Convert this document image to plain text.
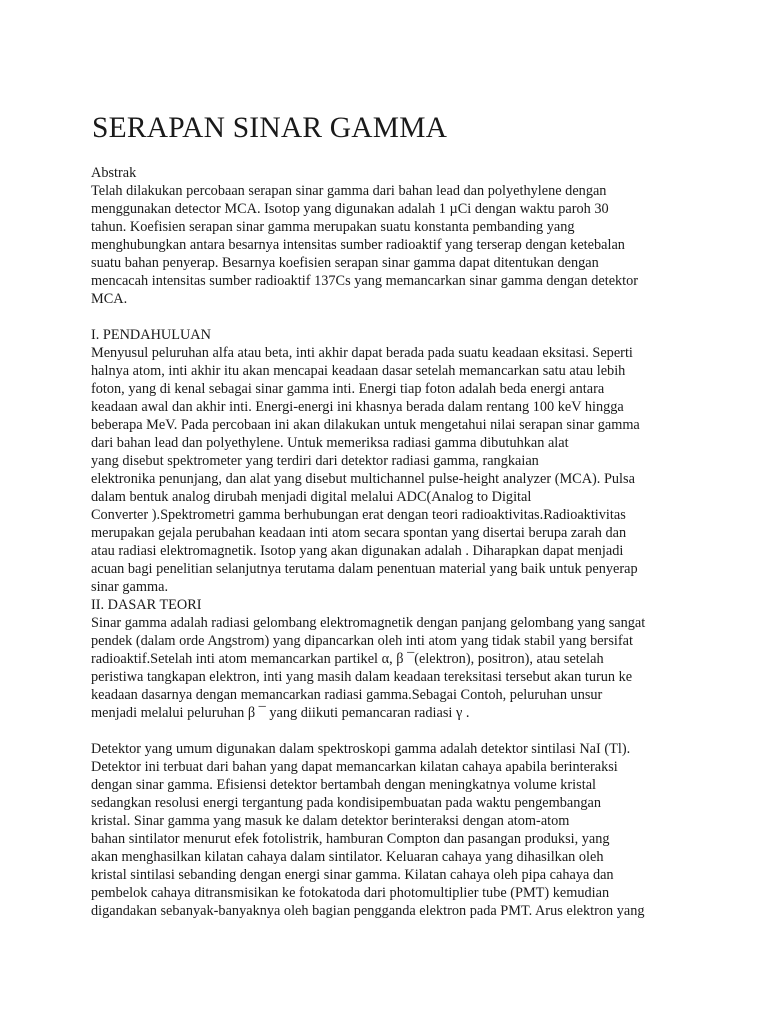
SERAPAN SINAR GAMMA
Abstrak
Telah dilakukan percobaan serapan sinar gamma dari bahan lead dan polyethylene dengan
menggunakan detector MCA. Isotop yang digunakan adalah 1 µCi dengan waktu paroh 30
tahun. Koefisien serapan sinar gamma merupakan suatu konstanta pembanding yang
menghubungkan antara besarnya intensitas sumber radioaktif yang terserap dengan ketebalan
suatu bahan penyerap. Besarnya koefisien serapan sinar gamma dapat ditentukan dengan
mencacah intensitas sumber radioaktif 137Cs yang memancarkan sinar gamma dengan detektor
MCA.
I. PENDAHULUAN
Menyusul peluruhan alfa atau beta, inti akhir dapat berada pada suatu keadaan eksitasi. Seperti
halnya atom, inti akhir itu akan mencapai keadaan dasar setelah memancarkan satu atau lebih
foton, yang di kenal sebagai sinar gamma inti. Energi tiap foton adalah beda energi antara
keadaan awal dan akhir inti. Energi-energi ini khasnya berada dalam rentang 100 keV hingga
beberapa MeV. Pada percobaan ini akan dilakukan untuk mengetahui nilai serapan sinar gamma
dari bahan lead dan polyethylene. Untuk memeriksa radiasi gamma dibutuhkan alat
yang disebut spektrometer yang terdiri dari detektor radiasi gamma, rangkaian
elektronika penunjang, dan alat yang disebut multichannel pulse-height analyzer (MCA). Pulsa
dalam bentuk analog dirubah menjadi digital melalui ADC(Analog to Digital
Converter ).Spektrometri gamma berhubungan erat dengan teori radioaktivitas.Radioaktivitas
merupakan gejala perubahan keadaan inti atom secara spontan yang disertai berupa zarah dan
atau radiasi elektromagnetik. Isotop yang akan digunakan adalah . Diharapkan dapat menjadi
acuan bagi penelitian selanjutnya terutama dalam penentuan material yang baik untuk penyerap
sinar gamma.
II. DASAR TEORI
Sinar gamma adalah radiasi gelombang elektromagnetik dengan panjang gelombang yang sangat
pendek (dalam orde Angstrom) yang dipancarkan oleh inti atom yang tidak stabil yang bersifat
radioaktif.Setelah inti atom memancarkan partikel α, β ¯(elektron), positron), atau setelah
peristiwa tangkapan elektron, inti yang masih dalam keadaan tereksitasi tersebut akan turun ke
keadaan dasarnya dengan memancarkan radiasi gamma.Sebagai Contoh, peluruhan unsur
menjadi melalui peluruhan β ¯ yang diikuti pemancaran radiasi γ .
Detektor yang umum digunakan dalam spektroskopi gamma adalah detektor sintilasi NaI (Tl).
Detektor ini terbuat dari bahan yang dapat memancarkan kilatan cahaya apabila berinteraksi
dengan sinar gamma. Efisiensi detektor bertambah dengan meningkatnya volume kristal
sedangkan resolusi energi tergantung pada kondisipembuatan pada waktu pengembangan
kristal. Sinar gamma yang masuk ke dalam detektor berinteraksi dengan atom-atom
bahan sintilator menurut efek fotolistrik, hamburan Compton dan pasangan produksi, yang
akan menghasilkan kilatan cahaya dalam sintilator. Keluaran cahaya yang dihasilkan oleh
kristal sintilasi sebanding dengan energi sinar gamma. Kilatan cahaya oleh pipa cahaya dan
pembelok cahaya ditransmisikan ke fotokatoda dari photomultiplier tube (PMT) kemudian
digandakan sebanyak-banyaknya oleh bagian pengganda elektron pada PMT. Arus elektron yang
